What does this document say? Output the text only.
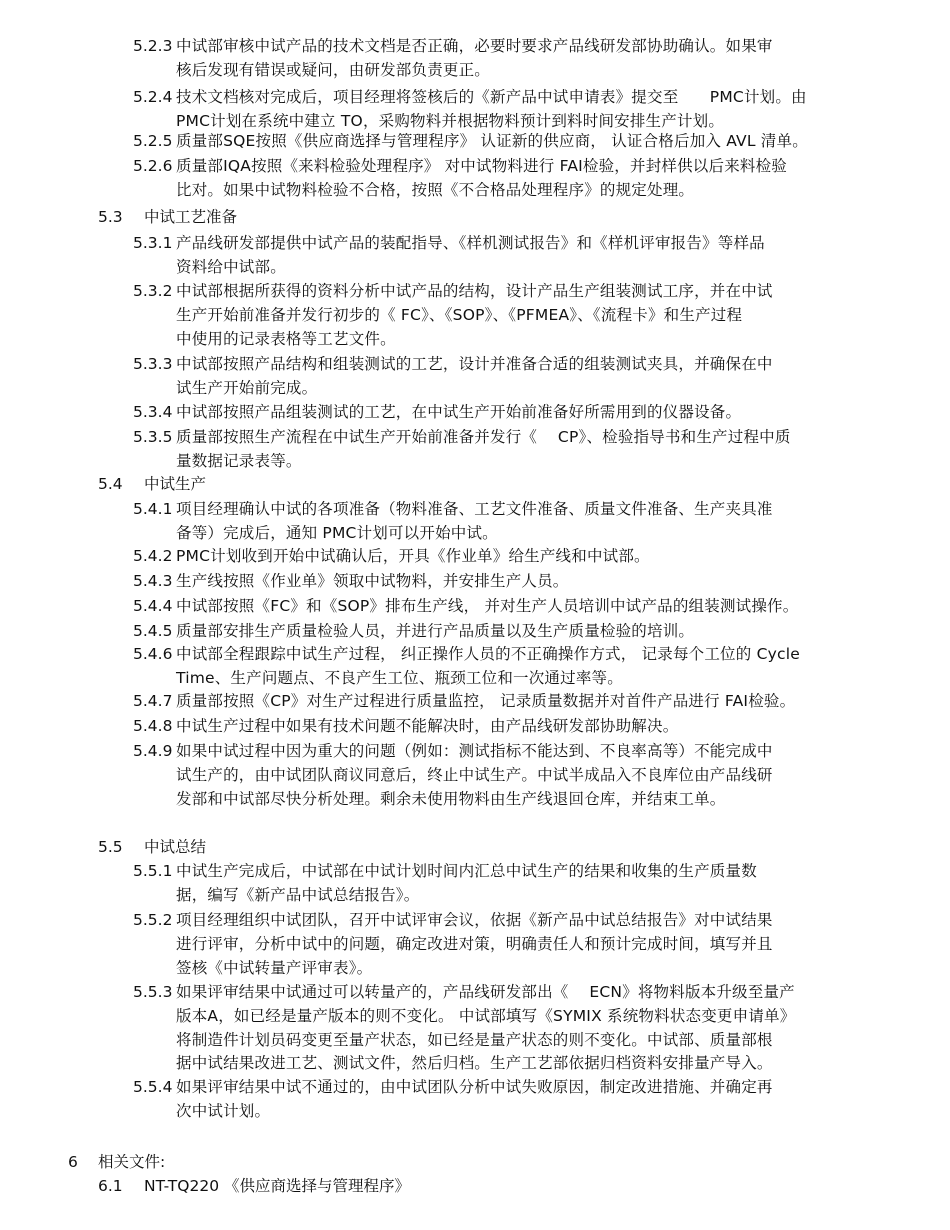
5.2.3 中试部审核中试产品的技术文档是否正确，必要时要求产品线研发部协助确认。如果审
核后发现有错误或疑问，由研发部负责更正。
5.2.4 技术文档核对完成后，项目经理将签核后的《新产品中试申请表》提交至　　PMC计划。由
PMC计划在系统中建立 TO，采购物料并根据物料预计到料时间安排生产计划。
5.2.5 质量部SQE按照《供应商选择与管理程序》 认证新的供应商， 认证合格后加入 AVL 清单。
5.2.6 质量部IQA按照《来料检验处理程序》 对中试物料进行 FAI检验，并封样供以后来料检验
比对。如果中试物料检验不合格，按照《不合格品处理程序》的规定处理。
5.3 中试工艺准备
5.3.1 产品线研发部提供中试产品的装配指导、《样机测试报告》和《样机评审报告》等样品
资料给中试部。
5.3.2 中试部根据所获得的资料分析中试产品的结构，设计产品生产组装测试工序，并在中试
生产开始前准备并发行初步的《 FC》、《SOP》、《PFMEA》、《流程卡》和生产过程
中使用的记录表格等工艺文件。
5.3.3 中试部按照产品结构和组装测试的工艺，设计并准备合适的组装测试夹具，并确保在中
试生产开始前完成。
5.3.4 中试部按照产品组装测试的工艺，在中试生产开始前准备好所需用到的仪器设备。
5.3.5 质量部按照生产流程在中试生产开始前准备并发行《　 CP》、检验指导书和生产过程中质
量数据记录表等。
5.4 中试生产
5.4.1 项目经理确认中试的各项准备（物料准备、工艺文件准备、质量文件准备、生产夹具准
备等）完成后，通知 PMC计划可以开始中试。
5.4.2 PMC计划收到开始中试确认后，开具《作业单》给生产线和中试部。
5.4.3 生产线按照《作业单》领取中试物料，并安排生产人员。
5.4.4 中试部按照《FC》和《SOP》排布生产线， 并对生产人员培训中试产品的组装测试操作。
5.4.5 质量部安排生产质量检验人员，并进行产品质量以及生产质量检验的培训。
5.4.6 中试部全程跟踪中试生产过程， 纠正操作人员的不正确操作方式， 记录每个工位的 Cycle
Time、生产问题点、不良产生工位、瓶颈工位和一次通过率等。
5.4.7 质量部按照《CP》对生产过程进行质量监控， 记录质量数据并对首件产品进行 FAI检验。
5.4.8 中试生产过程中如果有技术问题不能解决时，由产品线研发部协助解决。
5.4.9 如果中试过程中因为重大的问题（例如：测试指标不能达到、不良率高等）不能完成中
试生产的，由中试团队商议同意后，终止中试生产。中试半成品入不良库位由产品线研
发部和中试部尽快分析处理。剩余未使用物料由生产线退回仓库，并结束工单。
5.5 中试总结
5.5.1 中试生产完成后，中试部在中试计划时间内汇总中试生产的结果和收集的生产质量数
据，编写《新产品中试总结报告》。
5.5.2 项目经理组织中试团队，召开中试评审会议，依据《新产品中试总结报告》对中试结果
进行评审，分析中试中的问题，确定改进对策，明确责任人和预计完成时间，填写并且
签核《中试转量产评审表》。
5.5.3 如果评审结果中试通过可以转量产的，产品线研发部出《　 ECN》将物料版本升级至量产
版本A，如已经是量产版本的则不变化。 中试部填写《SYMIX 系统物料状态变更申请单》
将制造件计划员码变更至量产状态，如已经是量产状态的则不变化。中试部、质量部根
据中试结果改进工艺、测试文件，然后归档。生产工艺部依据归档资料安排量产导入。
5.5.4 如果评审结果中试不通过的，由中试团队分析中试失败原因，制定改进措施、并确定再
次中试计划。
6 相关文件:
6.1 NT-TQ220 《供应商选择与管理程序》
